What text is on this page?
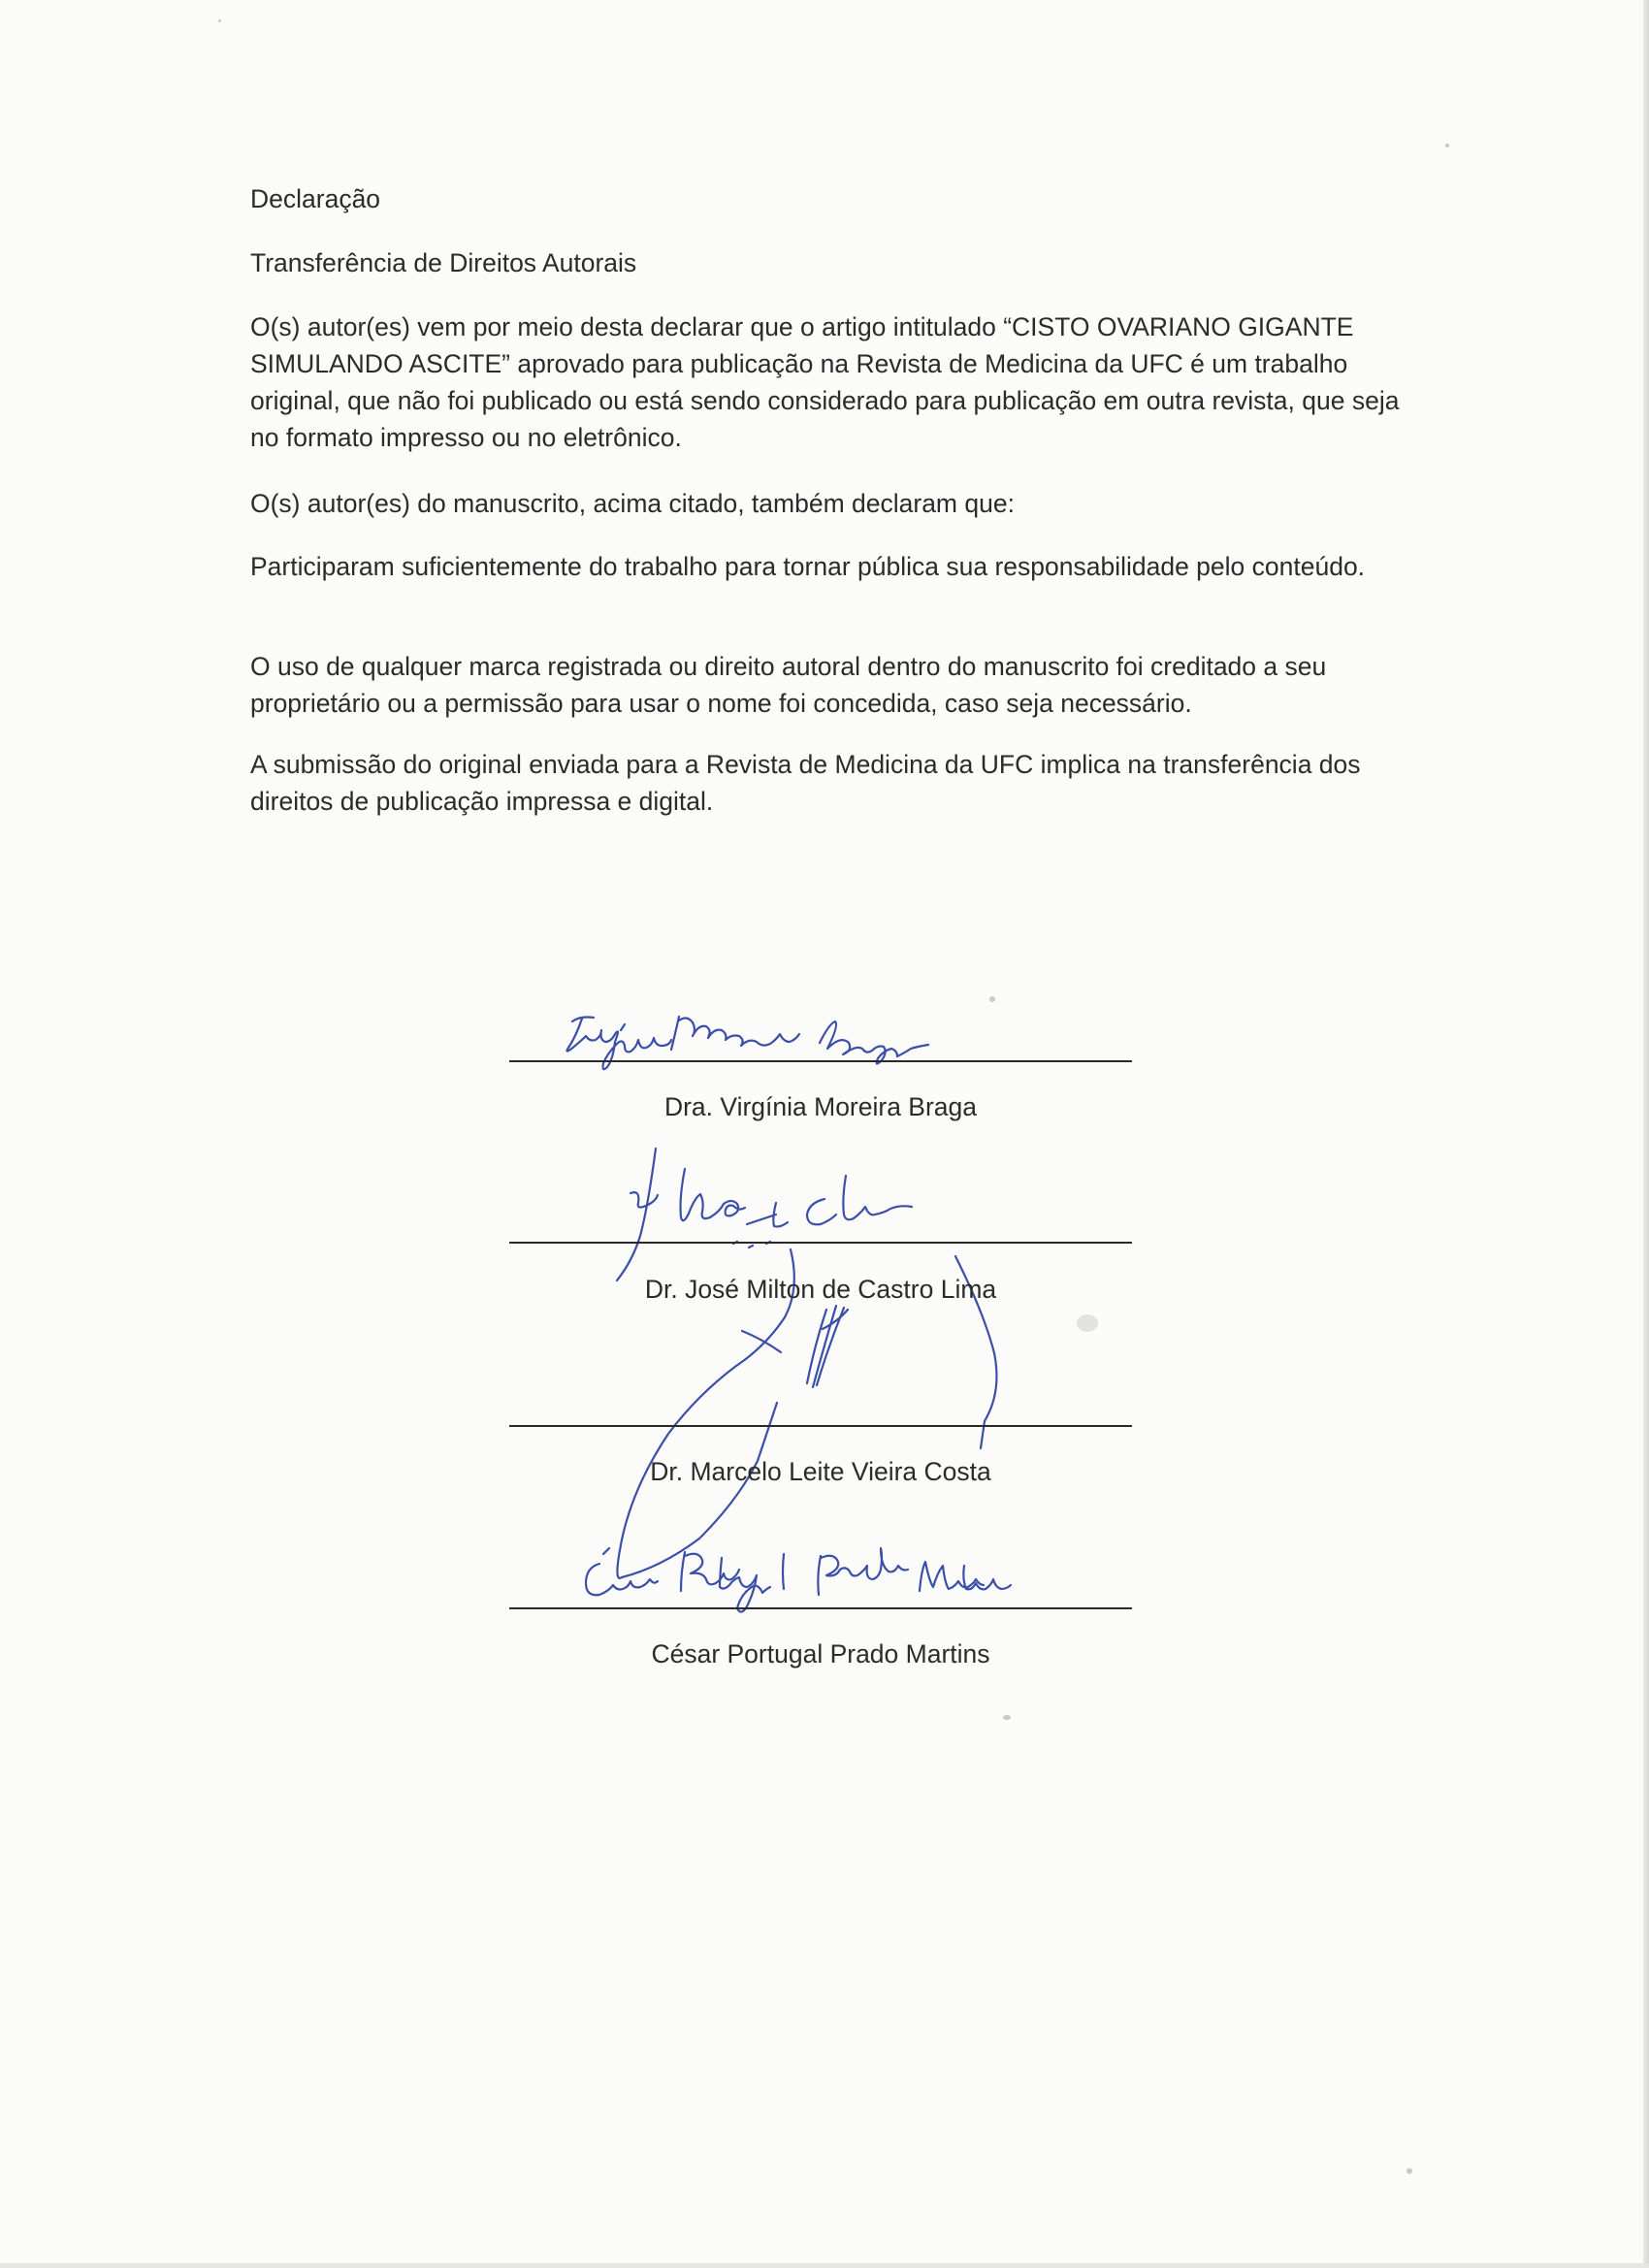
Declaração

Transferência de Direitos Autorais

O(s) autor(es) vem por meio desta declarar que o artigo intitulado “CISTO OVARIANO GIGANTE SIMULANDO ASCITE” aprovado para publicação na Revista de Medicina da UFC é um trabalho original, que não foi publicado ou está sendo considerado para publicação em outra revista, que seja no formato impresso ou no eletrônico.

O(s) autor(es) do manuscrito, acima citado, também declaram que:

Participaram suficientemente do trabalho para tornar pública sua responsabilidade pelo conteúdo.

O uso de qualquer marca registrada ou direito autoral dentro do manuscrito foi creditado a seu proprietário ou a permissão para usar o nome foi concedida, caso seja necessário.

A submissão do original enviada para a Revista de Medicina da UFC implica na transferência dos direitos de publicação impressa e digital.

Dra. Virgínia Moreira Braga

Dr. José Milton de Castro Lima

Dr. Marcelo Leite Vieira Costa

César Portugal Prado Martins
